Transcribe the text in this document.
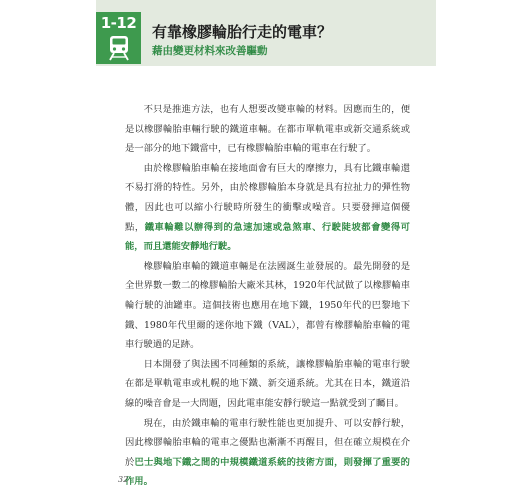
1-12	有靠橡膠輪胎行走的電車？
藉由變更材料來改善驅動

不只是推進方法，也有人想要改變車輪的材料。因應而生的，便是以橡膠輪胎車輛行駛的鐵道車輛。在都市單軌電車或新交通系統或是一部分的地下鐵當中，已有橡膠輪胎車輪的電車在行駛了。

由於橡膠輪胎車輪在接地面會有巨大的摩擦力，具有比鐵車輪還不易打滑的特性。另外，由於橡膠輪胎本身就是具有拉扯力的彈性物體，因此也可以縮小行駛時所發生的衝擊或噪音。只要發揮這個優點，鐵車輪難以辦得到的急速加速或急煞車、行駛陡坡都會變得可能，而且還能安靜地行駛。

橡膠輪胎車輪的鐵道車輛是在法國誕生並發展的。最先開發的是全世界數一數二的橡膠輪胎大廠米其林，1920年代試做了以橡膠輪車輪行駛的油罐車。這個技術也應用在地下鐵，1950年代的巴黎地下鐵、1980年代里爾的迷你地下鐵（VAL），都曾有橡膠輪胎車輪的電車行駛過的足跡。

日本開發了與法國不同種類的系統，讓橡膠輪胎車輪的電車行駛在都是單軌電車或札幌的地下鐵、新交通系統。尤其在日本，鐵道沿線的噪音會是一大問題，因此電車能安靜行駛這一點就受到了矚目。

現在，由於鐵車輪的電車行駛性能也更加提升、可以安靜行駛，因此橡膠輪胎車輪的電車之優點也漸漸不再醒目，但在確立規模在介於巴士與地下鐵之間的中規模鐵道系統的技術方面，則發揮了重要的作用。

32
